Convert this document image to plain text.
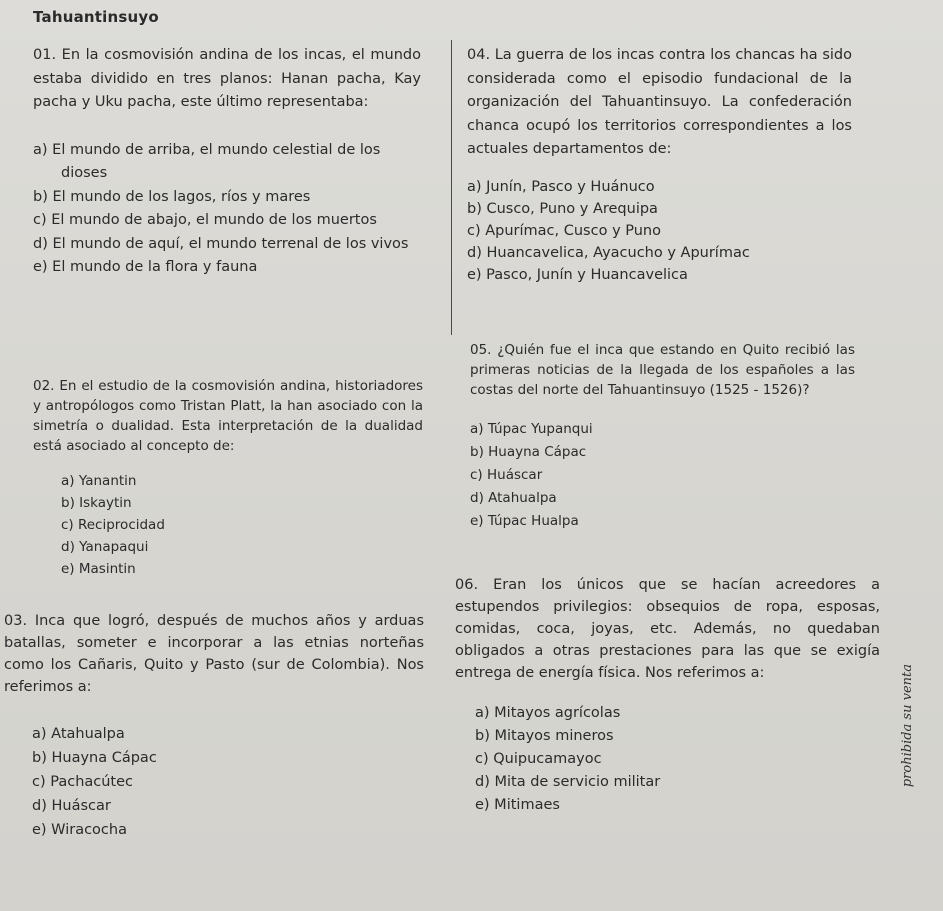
Tahuantinsuyo
01. En la cosmovisión andina de los incas, el mundo estaba dividido en tres planos: Hanan pacha, Kay pacha y Uku pacha, este último representaba:
a) El mundo de arriba, el mundo celestial de los dioses
b) El mundo de los lagos, ríos y mares
c) El mundo de abajo, el mundo de los muertos
d) El mundo de aquí, el mundo terrenal de los vivos
e) El mundo de la flora y fauna
02. En el estudio de la cosmovisión andina, historiadores y antropólogos como Tristan Platt, la han asociado con la simetría o dualidad. Esta interpretación de la dualidad está asociado al concepto de:
a) Yanantin
b) Iskaytin
c) Reciprocidad
d) Yanapaqui
e) Masintin
03. Inca que logró, después de muchos años y arduas batallas, someter e incorporar a las etnias norteñas como los Cañaris, Quito y Pasto (sur de Colombia). Nos referimos a:
a) Atahualpa
b) Huayna Cápac
c) Pachacútec
d) Huáscar
e) Wiracocha
04. La guerra de los incas contra los chancas ha sido considerada como el episodio fundacional de la organización del Tahuantinsuyo. La confederación chanca ocupó los territorios correspondientes a los actuales departamentos de:
a) Junín, Pasco y Huánuco
b) Cusco, Puno y Arequipa
c) Apurímac, Cusco y Puno
d) Huancavelica, Ayacucho y Apurímac
e) Pasco, Junín y Huancavelica
05. ¿Quién fue el inca que estando en Quito recibió las primeras noticias de la llegada de los españoles a las costas del norte del Tahuantinsuyo (1525 - 1526)?
a) Túpac Yupanqui
b) Huayna Cápac
c) Huáscar
d) Atahualpa
e) Túpac Hualpa
06. Eran los únicos que se hacían acreedores a estupendos privilegios: obsequios de ropa, esposas, comidas, coca, joyas, etc. Además, no quedaban obligados a otras prestaciones para las que se exigía entrega de energía física. Nos referimos a:
a) Mitayos agrícolas
b) Mitayos mineros
c) Quipucamayoc
d) Mita de servicio militar
e) Mitimaes
prohibida su venta
